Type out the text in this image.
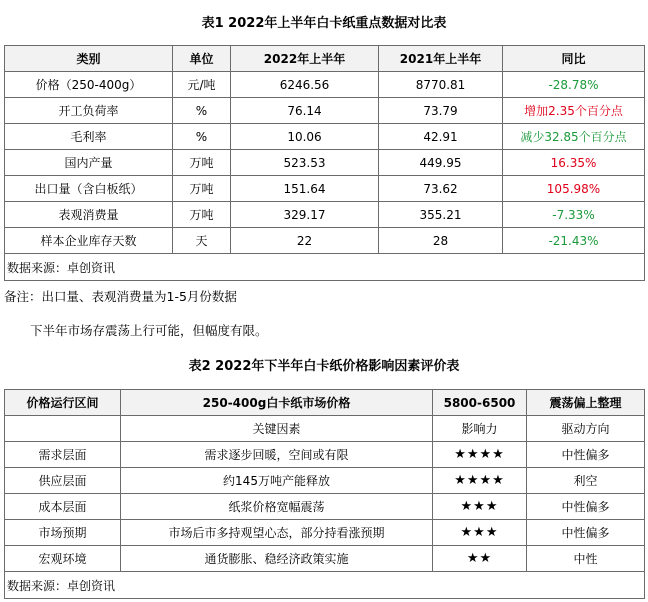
表1 2022年上半年白卡纸重点数据对比表
类别	单位	2022年上半年	2021年上半年	同比
价格（250-400g）	元/吨	6246.56	8770.81	-28.78%
开工负荷率	%	76.14	73.79	增加2.35个百分点
毛利率	%	10.06	42.91	减少32.85个百分点
国内产量	万吨	523.53	449.95	16.35%
出口量（含白板纸）	万吨	151.64	73.62	105.98%
表观消费量	万吨	329.17	355.21	-7.33%
样本企业库存天数	天	22	28	-21.43%
数据来源：卓创资讯				
备注：出口量、表观消费量为1-5月份数据
下半年市场存震荡上行可能，但幅度有限。
表2 2022年下半年白卡纸价格影响因素评价表
价格运行区间	250-400g白卡纸市场价格	5800-6500	震荡偏上整理
	关键因素	影响力	驱动方向
需求层面	需求逐步回暖，空间或有限	★★★★	中性偏多
供应层面	约145万吨产能释放	★★★★	利空
成本层面	纸浆价格宽幅震荡	★★★	中性偏多
市场预期	市场后市多持观望心态，部分持看涨预期	★★★	中性偏多
宏观环境	通货膨胀、稳经济政策实施	★★	中性
数据来源：卓创资讯			
